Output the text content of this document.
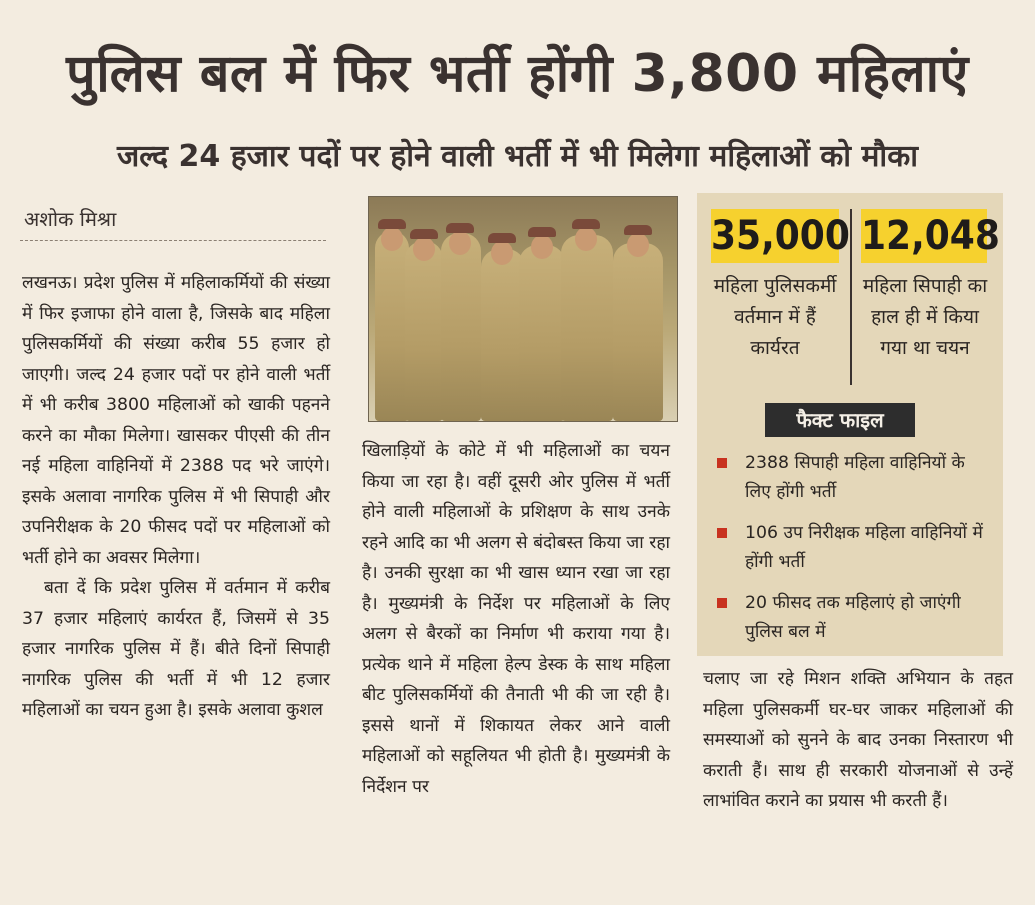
पुलिस बल में फिर भर्ती होंगी 3,800 महिलाएं
जल्द 24 हजार पदों पर होने वाली भर्ती में भी मिलेगा महिलाओं को मौका
अशोक मिश्रा

लखनऊ। प्रदेश पुलिस में महिलाकर्मियों की संख्या में फिर इजाफा होने वाला है, जिसके बाद महिला पुलिसकर्मियों की संख्या करीब 55 हजार हो जाएगी। जल्द 24 हजार पदों पर होने वाली भर्ती में भी करीब 3800 महिलाओं को खाकी पहनने करने का मौका मिलेगा। खासकर पीएसी की तीन नई महिला वाहिनियों में 2388 पद भरे जाएंगे। इसके अलावा नागरिक पुलिस में भी सिपाही और उपनिरीक्षक के 20 फीसद पदों पर महिलाओं को भर्ती होने का अवसर मिलेगा।

बता दें कि प्रदेश पुलिस में वर्तमान में करीब 37 हजार महिलाएं कार्यरत हैं, जिसमें से 35 हजार नागरिक पुलिस में हैं। बीते दिनों सिपाही नागरिक पुलिस की भर्ती में भी 12 हजार महिलाओं का चयन हुआ है। इसके अलावा कुशल

खिलाड़ियों के कोटे में भी महिलाओं का चयन किया जा रहा है। वहीं दूसरी ओर पुलिस में भर्ती होने वाली महिलाओं के प्रशिक्षण के साथ उनके रहने आदि का भी अलग से बंदोबस्त किया जा रहा है। उनकी सुरक्षा का भी खास ध्यान रखा जा रहा है। मुख्यमंत्री के निर्देश पर महिलाओं के लिए अलग से बैरकों का निर्माण भी कराया गया है। प्रत्येक थाने में महिला हेल्प डेस्क के साथ महिला बीट पुलिसकर्मियों की तैनाती भी की जा रही है। इससे थानों में शिकायत लेकर आने वाली महिलाओं को सहूलियत भी होती है। मुख्यमंत्री के निर्देशन पर

35,000 12,048
महिला पुलिसकर्मी वर्तमान में हैं कार्यरत
महिला सिपाही का हाल ही में किया गया था चयन
फैक्ट फाइल
2388 सिपाही महिला वाहिनियों के लिए होंगी भर्ती
106 उप निरीक्षक महिला वाहिनियों में होंगी भर्ती
20 फीसद तक महिलाएं हो जाएंगी पुलिस बल में

चलाए जा रहे मिशन शक्ति अभियान के तहत महिला पुलिसकर्मी घर-घर जाकर महिलाओं की समस्याओं को सुनने के बाद उनका निस्तारण भी कराती हैं। साथ ही सरकारी योजनाओं से उन्हें लाभांवित कराने का प्रयास भी करती हैं।
